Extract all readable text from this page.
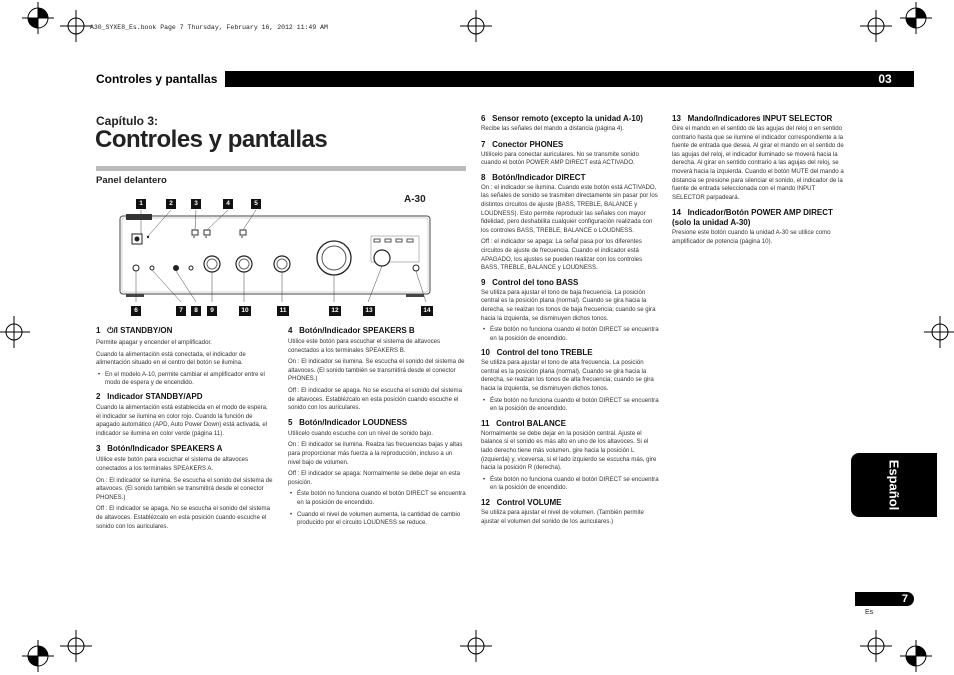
A30_SYXE8_Es.book Page 7 Thursday, February 16, 2012 11:49 AM
Controles y pantallas	03
Capítulo 3:
Controles y pantallas
Panel delantero
A-30
1	2	3	4	5
6	7	8	9	10	11	12	13	14
1 ⏻/I STANDBY/ON

Permite apagar y encender el amplificador.

Cuando la alimentación está conectada, el indicador de alimentación situado en el centro del botón se ilumina.

• En el modelo A-10, permite cambiar el amplificador entre el modo de espera y de encendido.

2 Indicador STANDBY/APD

Cuando la alimentación está establecida en el modo de espera, el indicador se ilumina en color rojo. Cuando la función de apagado automático (APD, Auto Power Down) está activada, el indicador se ilumina en color verde (página 11).

3 Botón/Indicador SPEAKERS A

Utilice este botón para escuchar el sistema de altavoces conectados a los terminales SPEAKERS A.

On : El indicador se ilumina. Se escucha el sonido del sistema de altavoces. (El sonido también se transmitirá desde el conector PHONES.)

Off : El indicador se apaga. No se escucha el sonido del sistema de altavoces. Establézcalo en esta posición cuando escuche el sonido con los auriculares.

4 Botón/Indicador SPEAKERS B

Utilice este botón para escuchar el sistema de altavoces conectados a los terminales SPEAKERS B.

On : El indicador se ilumina. Se escucha el sonido del sistema de altavoces. (El sonido también se transmitirá desde el conector PHONES.)

Off : El indicador se apaga. No se escucha el sonido del sistema de altavoces. Establézcalo en esta posición cuando escuche el sonido con los auriculares.

5 Botón/Indicador LOUDNESS

Utilícelo cuando escuche con un nivel de sonido bajo.

On : El indicador se ilumina. Realza las frecuencias bajas y altas para proporcionar más fuerza a la reproducción, incluso a un nivel bajo de volumen.

Off : El indicador se apaga: Normalmente se debe dejar en esta posición.

• Éste botón no funciona cuando el botón DIRECT se encuentra en la posición de encendido.

• Cuando el nivel de volumen aumenta, la cantidad de cambio producido por el circuito LOUDNESS se reduce.

6 Sensor remoto (excepto la unidad A-10)

Recibe las señales del mando a distancia (página 4).

7 Conector PHONES

Utilícelo para conectar auriculares. No se transmite sonido cuando el botón POWER AMP DIRECT está ACTIVADO.

8 Botón/Indicador DIRECT

On : el indicador se ilumina. Cuando este botón está ACTIVADO, las señales de sonido se trasmiten directamente sin pasar por los distintos circuitos de ajuste (BASS, TREBLE, BALANCE y LOUDNESS). Esto permite reproducir las señales con mayor fidelidad, pero deshabilita cualquier configuración realizada con los controles BASS, TREBLE, BALANCE o LOUDNESS.

Off : el indicador se apaga: La señal pasa por los diferentes circuitos de ajuste de frecuencia. Cuando el indicador está APAGADO, los ajustes se pueden realizar con los controles BASS, TREBLE, BALANCE y LOUDNESS.

9 Control del tono BASS

Se utiliza para ajustar el tono de baja frecuencia. La posición central es la posición plana (normal). Cuando se gira hacia la derecha, se realzan los tonos de baja frecuencia; cuando se gira hacia la izquierda, se disminuyen dichos tonos.

• Éste botón no funciona cuando el botón DIRECT se encuentra en la posición de encendido.

10 Control del tono TREBLE

Se utiliza para ajustar el tono de alta frecuencia. La posición central es la posición plana (normal). Cuando se gira hacia la derecha, se realzan los tonos de alta frecuencia; cuando se gira hacia la izquierda, se disminuyen dichos tonos.

• Éste botón no funciona cuando el botón DIRECT se encuentra en la posición de encendido.

11 Control BALANCE

Normalmente se debe dejar en la posición central. Ajuste el balance si el sonido es más alto en uno de los altavoces. Si el lado derecho tiene más volumen, gire hacia la posición L (izquierda) y, viceversa, si el lado izquierdo se escucha más, gire hacia la posición R (derecha).

• Éste botón no funciona cuando el botón DIRECT se encuentra en la posición de encendido.

12 Control VOLUME

Se utiliza para ajustar el nivel de volumen. (También permite ajustar el volumen del sonido de los auriculares.)

13 Mando/Indicadores INPUT SELECTOR

Gire el mando en el sentido de las agujas del reloj o en sentido contrario hasta que se ilumine el indicador correspondiente a la fuente de entrada que desea. Al girar el mando en el sentido de las agujas del reloj, el indicador iluminado se moverá hacia la derecha. Al girar en sentido contrario a las agujas del reloj, se moverá hacia la izquierda. Cuando el botón MUTE del mando a distancia se presione para silenciar el sonido, el indicador de la fuente de entrada seleccionada con el mando INPUT SELECTOR parpadeará.

14 Indicador/Botón POWER AMP DIRECT (solo la unidad A-30)

Presione este botón cuando la unidad A-30 se utilice como amplificador de potencia (página 10).

Español
7
Es
